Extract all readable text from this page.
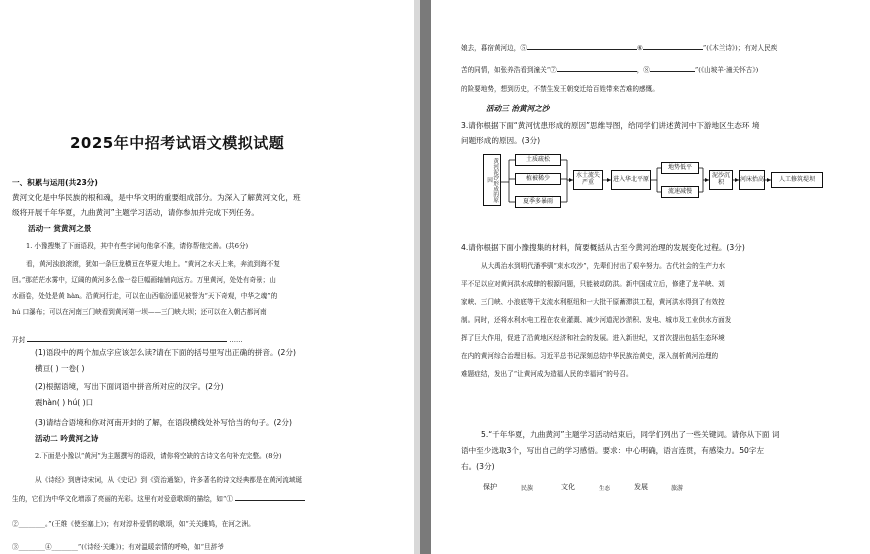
2025年中招考试语文模拟试题
一、积累与运用(共23分)
黄河文化是中华民族的根和魂，是中华文明的重要组成部分。为深入了解黄河文化，班
级将开展千年华夏，九曲黄河”主题学习活动，请你参加并完成下列任务。
活动一 赏黄河之景
1. 小豫搜集了下面语段，其中有些字词句他拿不准，请你帮他完善。(共6分)
看，黄河浊浪滚滚，犹如一条巨龙横亘在华夏大地上。“黄河之水天上来，奔流到海不复
回。”那茫茫水雾中，辽阔的黄河多么像一卷巨幅画轴铺向远方。万里黄河，处处有奇景；山
水画卷，处处是黄 hàn。沿黄河行走，可以在山西临汾遥见被誉为“天下奇观，中华之魂”的
hú 口瀑布；可以在河南三门峡看到黄河第一坝——三门峡大坝；还可以在入朝古都河南
开封	……
(1)语段中的两个加点字应该怎么读?请在下面的括号里写出正确的拼音。(2分)
横亘( ) 一卷( )
(2)根据语境，写出下面词语中拼音所对应的汉字。(2分)
震hàn( ) hú( )口
(3)请结合语境和你对河南开封的了解，在语段横线处补写恰当的句子。(2分)
活动二 吟黄河之诗
2.下面是小豫以“黄河”为主题撰写的语段，请你将空缺的古诗文名句补充完整。(8分)
从《诗经》到唐诗宋词，从《史记》到《资治通鉴》，许多著名的诗文经典都是在黄河流域诞
生的，它们为中华文化增添了亮丽的光彩。这里有对爱意歌颂的描绘，如“①
②________。”(王维《使至塞上》)；有对淳朴爱情的歌颂，如“关关雎鸠，在河之洲。
③________④________”(《诗经·关雎》)；有对温暖亲情的呼唤，如“旦辞爷
娘去，暮宿黄河边，⑤	⑥	”(《木兰诗》)；有对人民疾
苦的同情，如张养浩看到潼关“⑦	，⑧	”(《山坡羊·潼关怀古》)
的险要地势，想到历史，不禁生发王朝变迁给百姓带来苦难的感慨。
活动三 治黄河之沙
3.请你根据下面“黄河忧患形成的原因”思维导图，给同学们讲述黄河中下游地区生态环 境
问题形成的原因。(3分)
黄河泥沙形成的原因
土质疏松
植被稀少
夏季多暴雨
水土流失严重	进入华北平原
地势低平
流速减慢
泥沙沉积	河床抬高	人工修筑堤坝
4.请你根据下面小豫搜集的材料，简要概括从古至今黄河治理的发展变化过程。(3分)
从大禹治水到明代潘季驯“束水攻沙”，先辈们付出了艰辛努力。古代社会的生产力水
平不足以应对黄河洪水成肆的根源问题，只能被动防洪。新中国成立后，修建了龙羊峡、刘
家峡、三门峡、小浪底等干支流水利枢纽和一大批干原蓄滞洪工程，黄河洪水得到了有效控
制。同时，还将水利水电工程在农业灌溉、减少河道泥沙淤积、发电、城市及工业供水方面发
挥了巨大作用，促进了沿黄地区经济和社会的发展。进入新世纪，又首次提出包括生态环境
在内的黄河综合治理目标。习近平总书记深刻总结中华民族治黄史，深入剖析黄河治理的
难题症结，发出了“让黄河成为造福人民的幸福河”的号召。
5.“千年华夏，九曲黄河”主题学习活动结束后，同学们列出了一些关键词。请你从下面 词
语中至少选取3个，写出自己的学习感悟。要求：中心明确，语言连贯，有感染力。50字左
右。(3分)
保护	民族	文化	生态	发展	旅游
